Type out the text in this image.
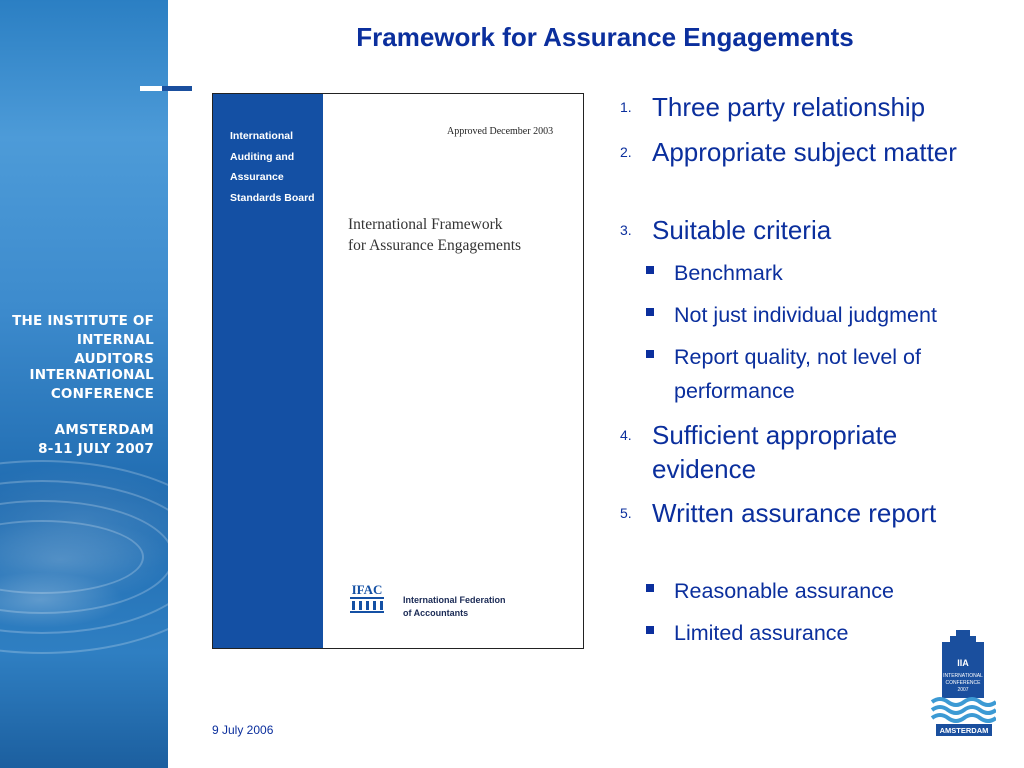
THE INSTITUTE OF
INTERNAL AUDITORS
INTERNATIONAL
CONFERENCE
AMSTERDAM
8-11 JULY 2007
Framework for Assurance Engagements
International
Auditing and
Assurance
Standards Board
Approved December 2003
International Framework
for Assurance Engagements
IFAC
International Federation
of Accountants
1. Three party relationship
2. Appropriate subject matter
3. Suitable criteria
Benchmark
Not just individual judgment
Report quality, not level of performance
4. Sufficient appropriate evidence
5. Written assurance report
Reasonable assurance
Limited assurance
9 July 2006
IIA
INTERNATIONAL
CONFERENCE
2007
AMSTERDAM
